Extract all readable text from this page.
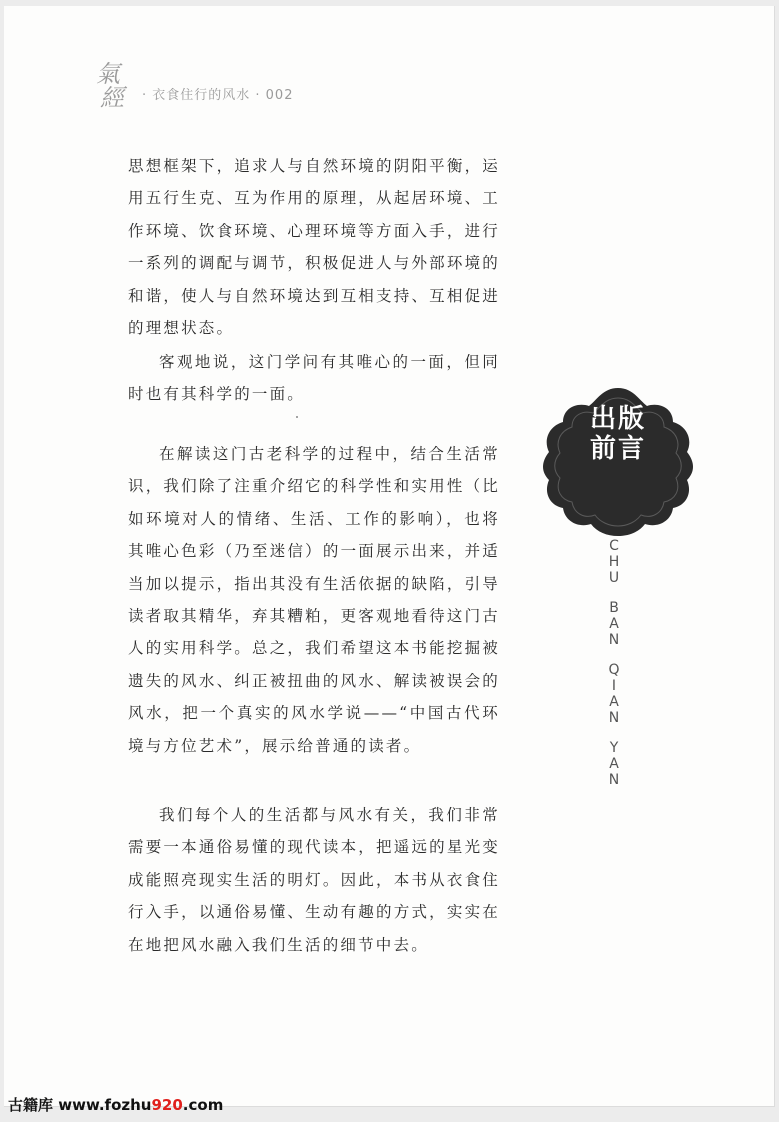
氣
經 · 衣食住行的风水 · 002

思想框架下，追求人与自然环境的阴阳平衡，运用五行生克、互为作用的原理，从起居环境、工作环境、饮食环境、心理环境等方面入手，进行一系列的调配与调节，积极促进人与外部环境的和谐，使人与自然环境达到互相支持、互相促进的理想状态。

客观地说，这门学问有其唯心的一面，但同时也有其科学的一面。

在解读这门古老科学的过程中，结合生活常识，我们除了注重介绍它的科学性和实用性（比如环境对人的情绪、生活、工作的影响），也将其唯心色彩（乃至迷信）的一面展示出来，并适当加以提示，指出其没有生活依据的缺陷，引导读者取其精华，弃其糟粕，更客观地看待这门古人的实用科学。总之，我们希望这本书能挖掘被遗失的风水、纠正被扭曲的风水、解读被误会的风水，把一个真实的风水学说——“中国古代环境与方位艺术”，展示给普通的读者。

我们每个人的生活都与风水有关，我们非常需要一本通俗易懂的现代读本，把遥远的星光变成能照亮现实生活的明灯。因此，本书从衣食住行入手，以通俗易懂、生动有趣的方式，实实在在地把风水融入我们生活的细节中去。

出版
前言
C
H
U
B
A
N
Q
I
A
N
Y
A
N
古籍库 www.fozhu920.com
